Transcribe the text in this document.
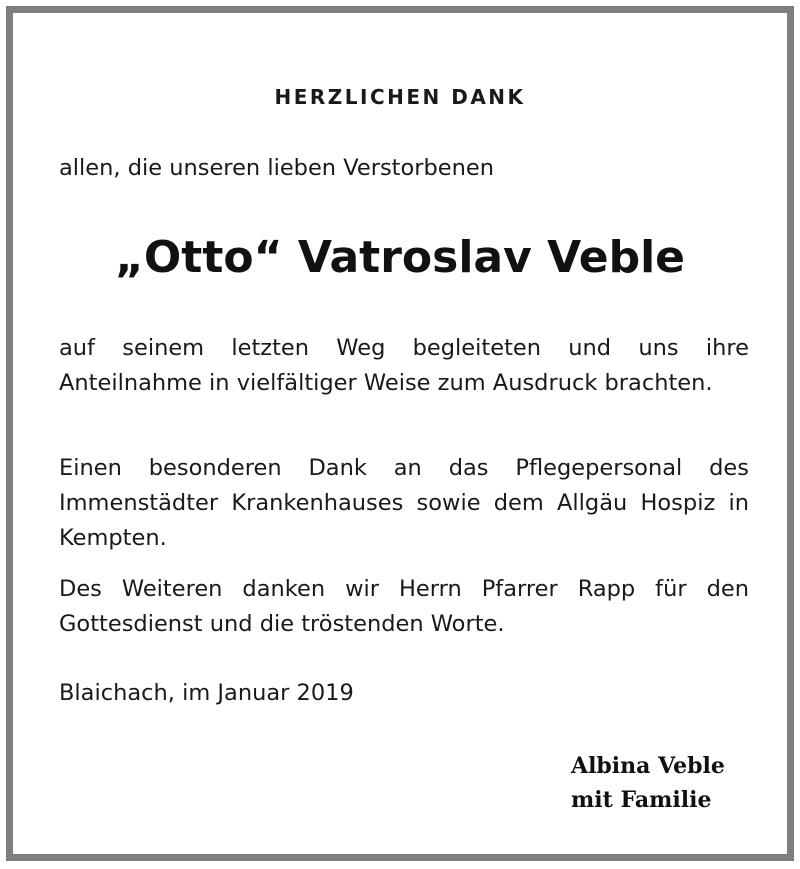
HERZLICHEN DANK
allen, die unseren lieben Verstorbenen
„Otto“ Vatroslav Veble
auf seinem letzten Weg begleiteten und uns ihre Anteilnahme in vielfältiger Weise zum Ausdruck brachten.
Einen besonderen Dank an das Pflegepersonal des Immenstädter Krankenhauses sowie dem Allgäu Hospiz in Kempten.
Des Weiteren danken wir Herrn Pfarrer Rapp für den Gottesdienst und die tröstenden Worte.
Blaichach, im Januar 2019
Albina Veble
mit Familie
